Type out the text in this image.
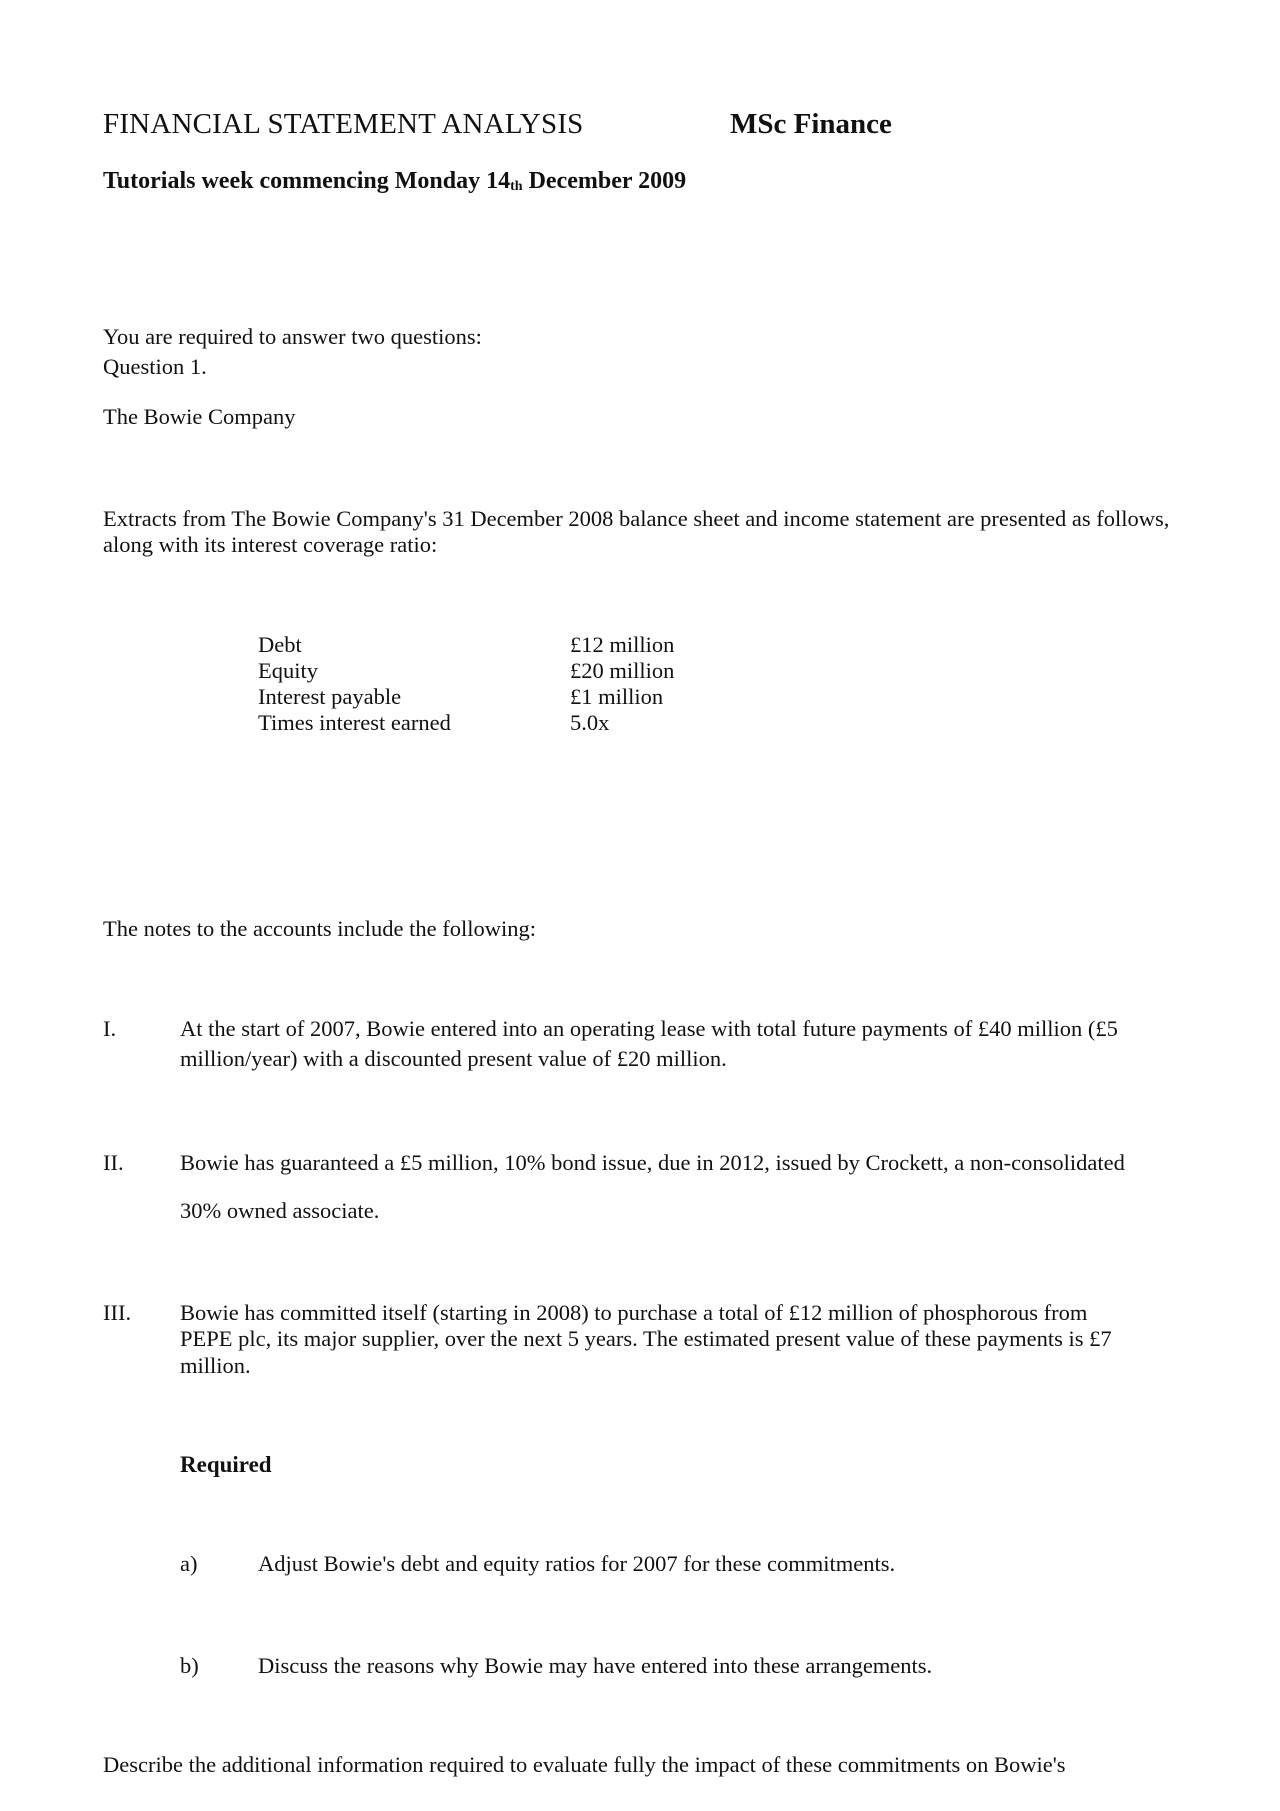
FINANCIAL STATEMENT ANALYSIS	MSc Finance
Tutorials week commencing Monday 14th December 2009
You are required to answer two questions:
Question 1.
The Bowie Company
Extracts from The Bowie Company's 31 December 2008 balance sheet and income statement are presented as follows, along with its interest coverage ratio:
Debt	£12 million
Equity	£20 million
Interest payable	£1 million
Times interest earned	5.0x
The notes to the accounts include the following:
I.	At the start of 2007, Bowie entered into an operating lease with total future payments of £40 million (£5
million/year) with a discounted present value of £20 million.
II.	Bowie has guaranteed a £5 million, 10% bond issue, due in 2012, issued by Crockett, a non-consolidated
30% owned associate.
III. Bowie has committed itself (starting in 2008) to purchase a total of £12 million of phosphorous from
PEPE plc, its major supplier, over the next 5 years. The estimated present value of these payments is £7
million.
Required
a)	Adjust Bowie's debt and equity ratios for 2007 for these commitments.
b)	Discuss the reasons why Bowie may have entered into these arrangements.
Describe the additional information required to evaluate fully the impact of these commitments on Bowie's
